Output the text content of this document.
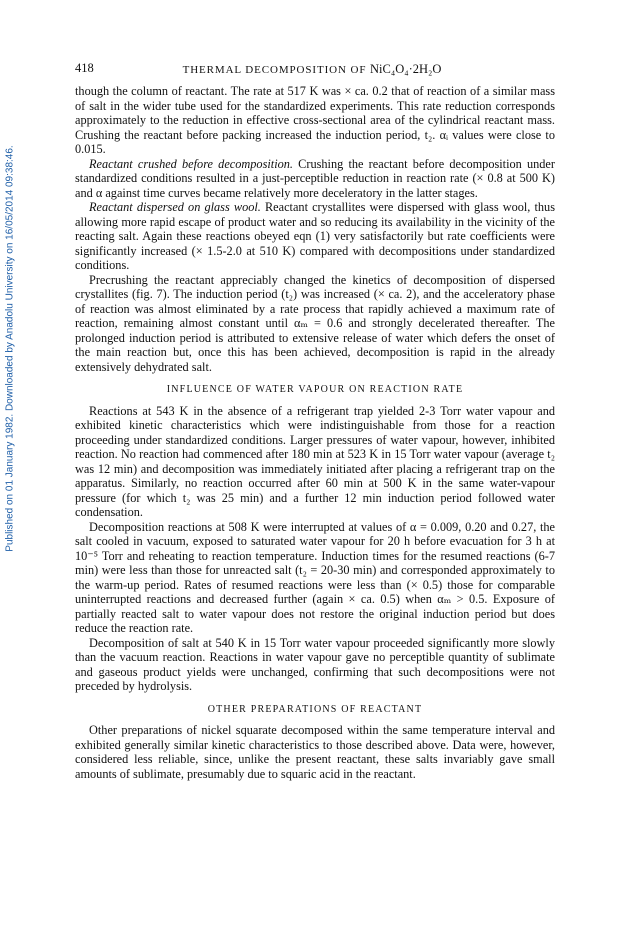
418	THERMAL DECOMPOSITION OF NiC₄O₄·2H₂O
Published on 01 January 1982. Downloaded by Anadolu University on 16/05/2014 09:38:46.

though the column of reactant. The rate at 517 K was × ca. 0.2 that of reaction of a similar mass of salt in the wider tube used for the standardized experiments. This rate reduction corresponds approximately to the reduction in effective cross-sectional area of the cylindrical reactant mass. Crushing the reactant before packing increased the induction period, t₂. αᵢ values were close to 0.015.

Reactant crushed before decomposition. Crushing the reactant before decomposition under standardized conditions resulted in a just-perceptible reduction in reaction rate (× 0.8 at 500 K) and α against time curves became relatively more deceleratory in the latter stages.

Reactant dispersed on glass wool. Reactant crystallites were dispersed with glass wool, thus allowing more rapid escape of product water and so reducing its availability in the vicinity of the reacting salt. Again these reactions obeyed eqn (1) very satisfactorily but rate coefficients were significantly increased (× 1.5-2.0 at 510 K) compared with decompositions under standardized conditions.

Precrushing the reactant appreciably changed the kinetics of decomposition of dispersed crystallites (fig. 7). The induction period (t₂) was increased (× ca. 2), and the acceleratory phase of reaction was almost eliminated by a rate process that rapidly achieved a maximum rate of reaction, remaining almost constant until αₘ = 0.6 and strongly decelerated thereafter. The prolonged induction period is attributed to extensive release of water which defers the onset of the main reaction but, once this has been achieved, decomposition is rapid in the already extensively dehydrated salt.

INFLUENCE OF WATER VAPOUR ON REACTION RATE

Reactions at 543 K in the absence of a refrigerant trap yielded 2-3 Torr water vapour and exhibited kinetic characteristics which were indistinguishable from those for a reaction proceeding under standardized conditions. Larger pressures of water vapour, however, inhibited reaction. No reaction had commenced after 180 min at 523 K in 15 Torr water vapour (average t₂ was 12 min) and decomposition was immediately initiated after placing a refrigerant trap on the apparatus. Similarly, no reaction occurred after 60 min at 500 K in the same water-vapour pressure (for which t₂ was 25 min) and a further 12 min induction period followed water condensation.

Decomposition reactions at 508 K were interrupted at values of α = 0.009, 0.20 and 0.27, the salt cooled in vacuum, exposed to saturated water vapour for 20 h before evacuation for 3 h at 10⁻⁵ Torr and reheating to reaction temperature. Induction times for the resumed reactions (6-7 min) were less than those for unreacted salt (t₂ = 20-30 min) and corresponded approximately to the warm-up period. Rates of resumed reactions were less than (× 0.5) those for comparable uninterrupted reactions and decreased further (again × ca. 0.5) when αₘ > 0.5. Exposure of partially reacted salt to water vapour does not restore the original induction period but does reduce the reaction rate.

Decomposition of salt at 540 K in 15 Torr water vapour proceeded significantly more slowly than the vacuum reaction. Reactions in water vapour gave no perceptible quantity of sublimate and gaseous product yields were unchanged, confirming that such decompositions were not preceded by hydrolysis.

OTHER PREPARATIONS OF REACTANT

Other preparations of nickel squarate decomposed within the same temperature interval and exhibited generally similar kinetic characteristics to those described above. Data were, however, considered less reliable, since, unlike the present reactant, these salts invariably gave small amounts of sublimate, presumably due to squaric acid in the reactant.
